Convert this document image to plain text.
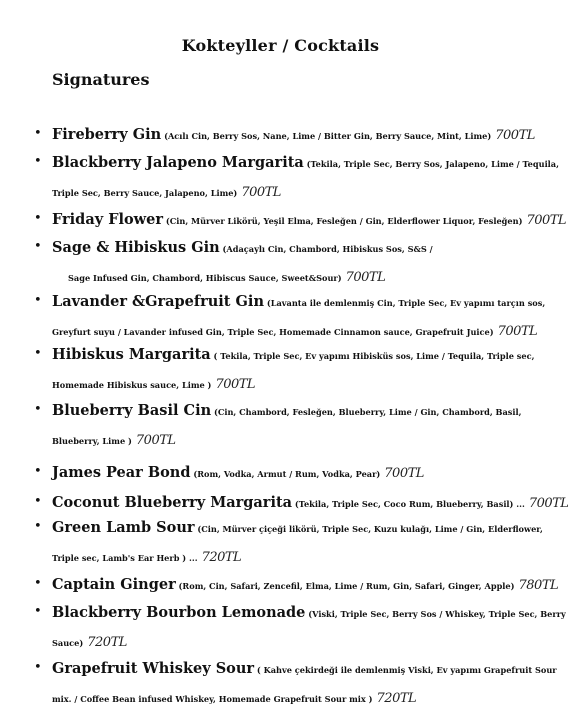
Kokteyller / Cocktails
Signatures
• Fireberry Gin (Acılı Cin, Berry Sos, Nane, Lime / Bitter Gin, Berry Sauce, Mint, Lime) 700TL
• Blackberry Jalapeno Margarita (Tekila, Triple Sec, Berry Sos, Jalapeno, Lime / Tequila,
Triple Sec, Berry Sauce, Jalapeno, Lime) 700TL
• Friday Flower (Cin, Mürver Likörü, Yeşil Elma, Fesleğen / Gin, Elderflower Liquor, Fesleğen) 700TL
• Sage & Hibiskus Gin (Adaçaylı Cin, Chambord, Hibiskus Sos, S&S /
Sage Infused Gin, Chambord, Hibiscus Sauce, Sweet&Sour) 700TL
• Lavander &Grapefruit Gin (Lavanta ile demlenmiş Cin, Triple Sec, Ev yapımı tarçın sos,
Greyfurt suyu / Lavander infused Gin, Triple Sec, Homemade Cinnamon sauce, Grapefruit Juice) 700TL
• Hibiskus Margarita ( Tekila, Triple Sec, Ev yapımı Hibisküs sos, Lime / Tequila, Triple sec,
Homemade Hibiskus sauce, Lime ) 700TL
• Blueberry Basil Cin (Cin, Chambord, Fesleğen, Blueberry, Lime / Gin, Chambord, Basil,
Blueberry, Lime ) 700TL
• James Pear Bond (Rom, Vodka, Armut / Rum, Vodka, Pear) 700TL
• Coconut Blueberry Margarita (Tekila, Triple Sec, Coco Rum, Blueberry, Basil) ... 700TL
• Green Lamb Sour (Cin, Mürver çiçeği likörü, Triple Sec, Kuzu kulağı, Lime / Gin, Elderflower,
Triple sec, Lamb's Ear Herb ) ... 720TL
• Captain Ginger (Rom, Cin, Safari, Zencefil, Elma, Lime / Rum, Gin, Safari, Ginger, Apple) 780TL
• Blackberry Bourbon Lemonade (Viski, Triple Sec, Berry Sos / Whiskey, Triple Sec, Berry
Sauce) 720TL
• Grapefruit Whiskey Sour ( Kahve çekirdeği ile demlenmiş Viski, Ev yapımı Grapefruit Sour
mix. / Coffee Bean infused Whiskey, Homemade Grapefruit Sour mix ) 720TL
